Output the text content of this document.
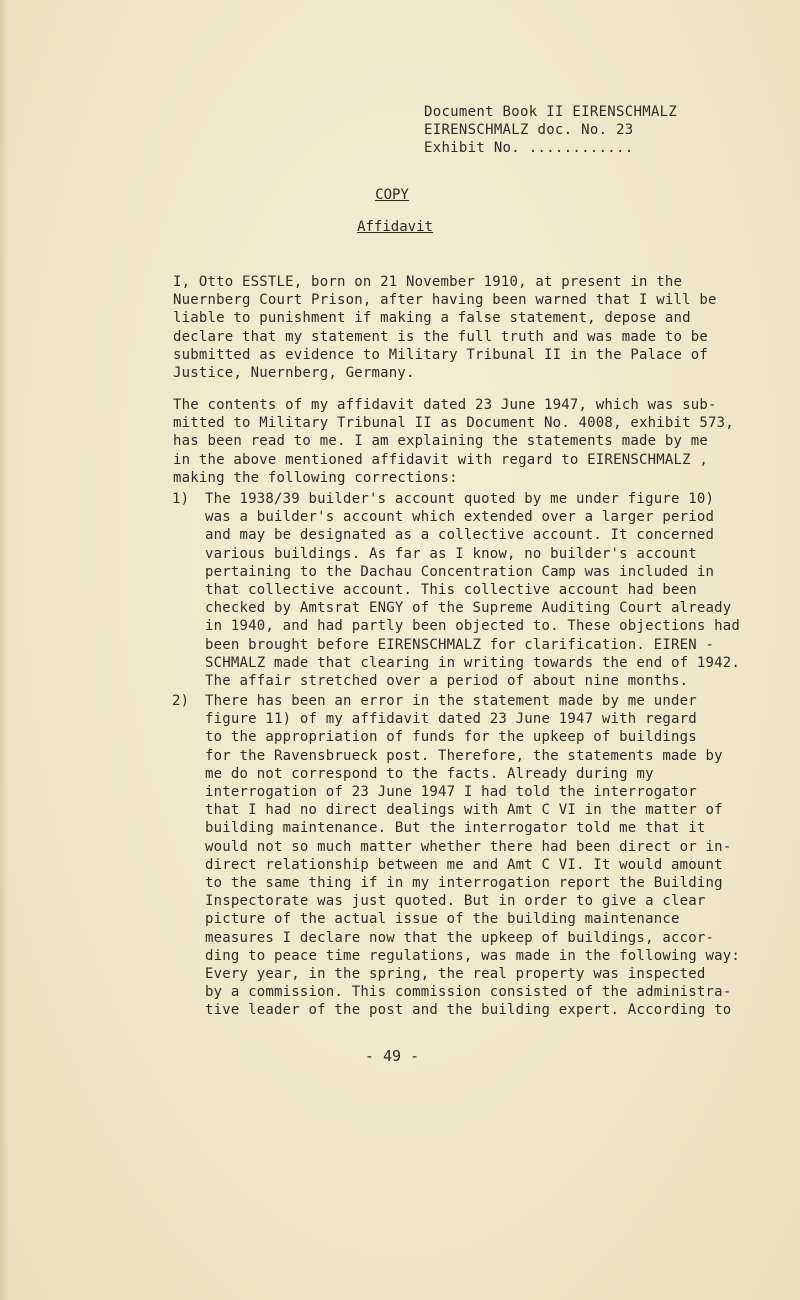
Document Book II EIRENSCHMALZ
EIRENSCHMALZ doc. No. 23
Exhibit No. ............
COPY
Affidavit
I, Otto ESSTLE, born on 21 November 1910, at present in the
Nuernberg Court Prison, after having been warned that I will be
liable to punishment if making a false statement, depose and
declare that my statement is the full truth and was made to be
submitted as evidence to Military Tribunal II in the Palace of
Justice, Nuernberg, Germany.
The contents of my affidavit dated 23 June 1947, which was sub-
mitted to Military Tribunal II as Document No. 4008, exhibit 573,
has been read to me. I am explaining the statements made by me
in the above mentioned affidavit with regard to EIRENSCHMALZ ,
making the following corrections:
1) The 1938/39 builder's account quoted by me under figure 10)
was a builder's account which extended over a larger period
and may be designated as a collective account. It concerned
various buildings. As far as I know, no builder's account
pertaining to the Dachau Concentration Camp was included in
that collective account. This collective account had been
checked by Amtsrat ENGY of the Supreme Auditing Court already
in 1940, and had partly been objected to. These objections had
been brought before EIRENSCHMALZ for clarification. EIREN -
SCHMALZ made that clearing in writing towards the end of 1942.
The affair stretched over a period of about nine months.
2) There has been an error in the statement made by me under
figure 11) of my affidavit dated 23 June 1947 with regard
to the appropriation of funds for the upkeep of buildings
for the Ravensbrueck post. Therefore, the statements made by
me do not correspond to the facts. Already during my
interrogation of 23 June 1947 I had told the interrogator
that I had no direct dealings with Amt C VI in the matter of
building maintenance. But the interrogator told me that it
would not so much matter whether there had been direct or in-
direct relationship between me and Amt C VI. It would amount
to the same thing if in my interrogation report the Building
Inspectorate was just quoted. But in order to give a clear
picture of the actual issue of the building maintenance
measures I declare now that the upkeep of buildings, accor-
ding to peace time regulations, was made in the following way:
Every year, in the spring, the real property was inspected
by a commission. This commission consisted of the administra-
tive leader of the post and the building expert. According to
- 49 -
